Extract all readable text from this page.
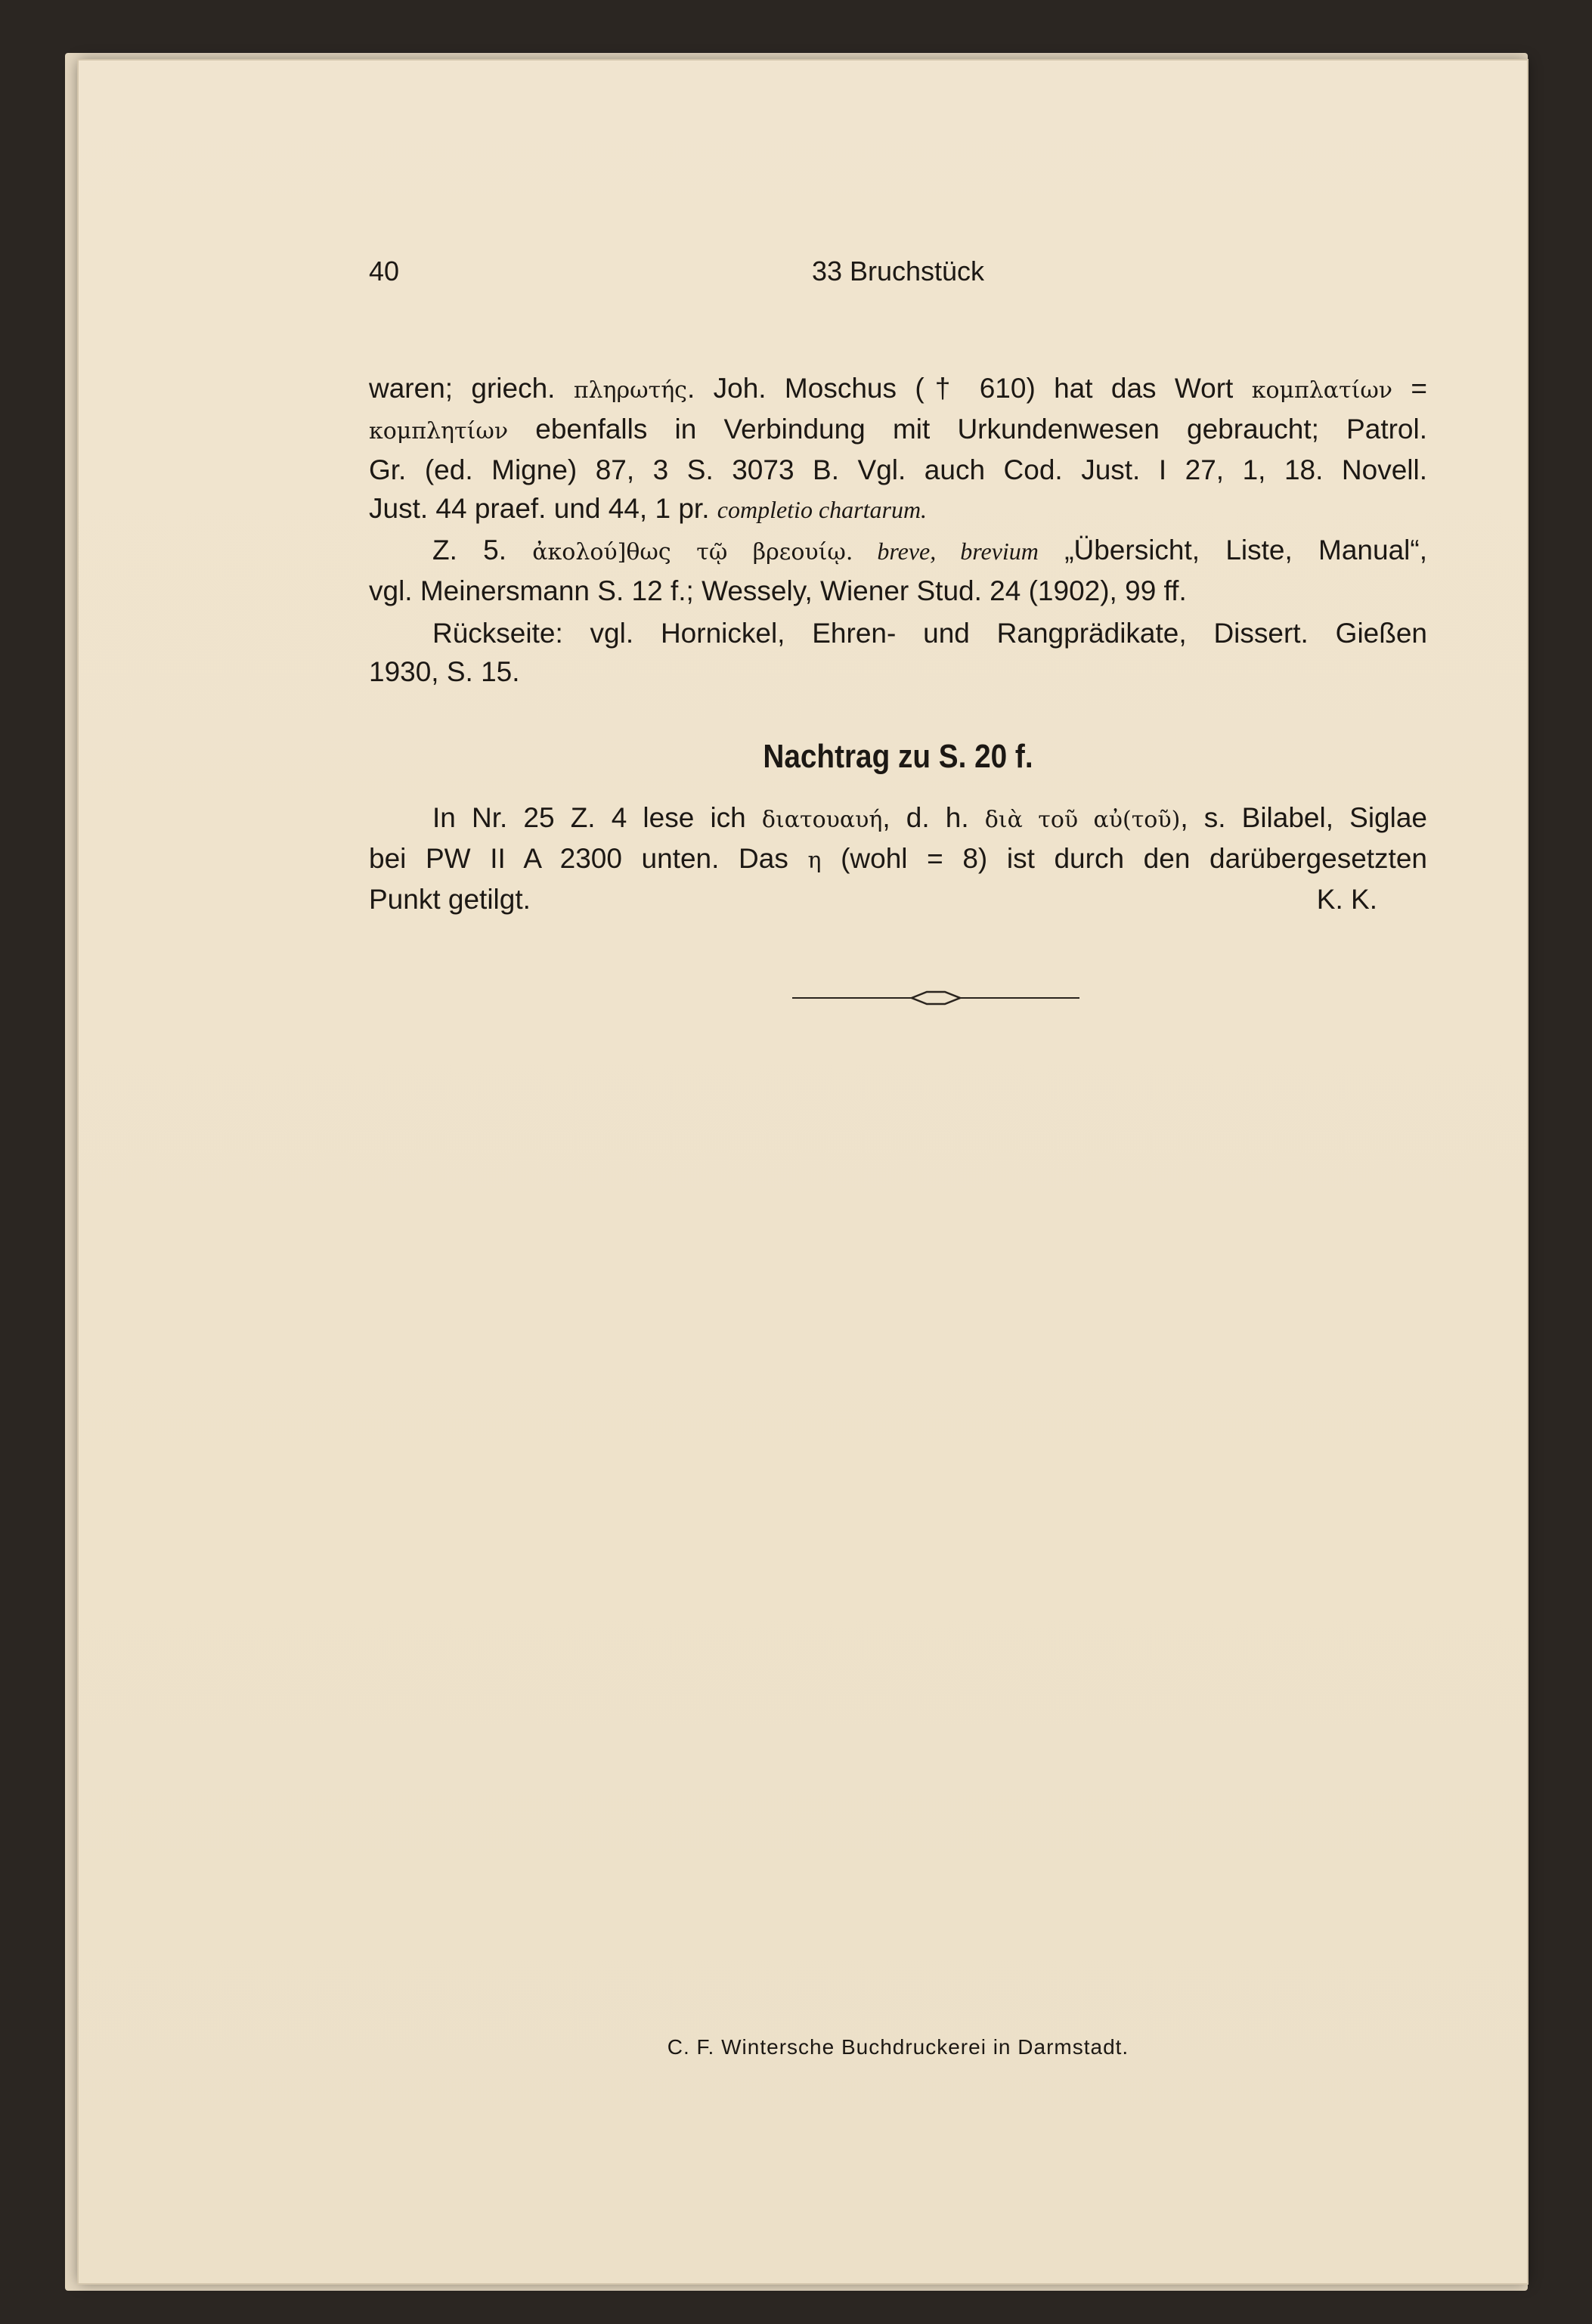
40	33 Bruchstück
waren; griech. πληρωτής. Joh. Moschus († 610) hat das Wort κομπλατίων =
κομπλητίων ebenfalls in Verbindung mit Urkundenwesen gebraucht; Patrol.
Gr. (ed. Migne) 87, 3 S. 3073 B. Vgl. auch Cod. Just. I 27, 1, 18. Novell.
Just. 44 praef. und 44, 1 pr. completio chartarum.
Z. 5. ἀκολού]θως τῷ βρεουίῳ. breve, brevium „Übersicht, Liste, Manual“,
vgl. Meinersmann S. 12 f.; Wessely, Wiener Stud. 24 (1902), 99 ff.
Rückseite: vgl. Hornickel, Ehren- und Rangprädikate, Dissert. Gießen
1930, S. 15.
Nachtrag zu S. 20 f.
In Nr. 25 Z. 4 lese ich διατουαυή, d. h. διὰ τοῦ αὐ(τοῦ), s. Bilabel, Siglae
bei PW II A 2300 unten. Das η (wohl = 8) ist durch den darübergesetzten
Punkt getilgt.	K. K.
C. F. Wintersche Buchdruckerei in Darmstadt.
